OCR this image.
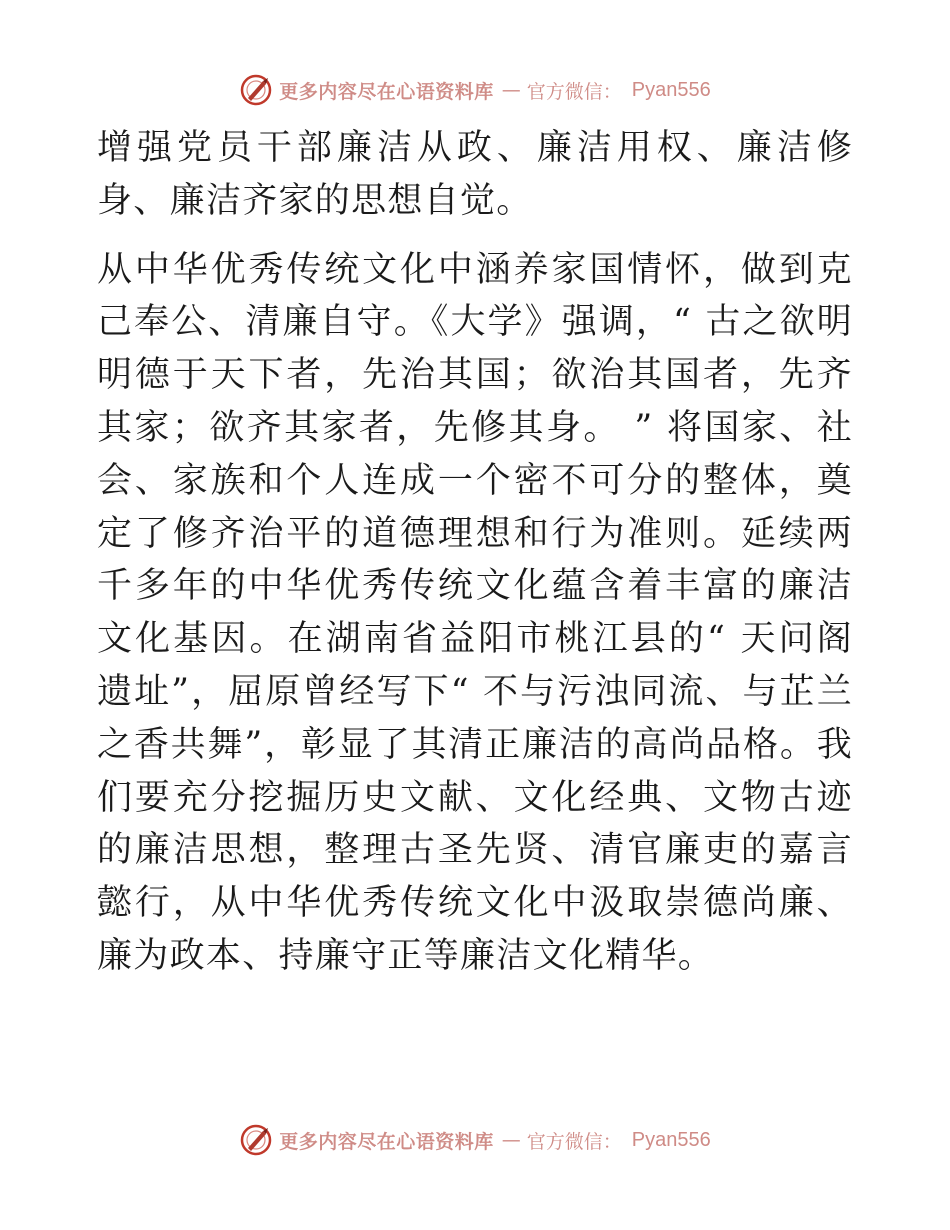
更多内容尽在心语资料库 — 官方微信： Pyan556

增强党员干部廉洁从政、廉洁用权、廉洁修身、廉洁齐家的思想自觉。

从中华优秀传统文化中涵养家国情怀，做到克己奉公、清廉自守。《大学》强调，“ 古之欲明明德于天下者，先治其国；欲治其国者，先齐其家；欲齐其家者，先修其身。 ” 将国家、社会、家族和个人连成一个密不可分的整体，奠定了修齐治平的道德理想和行为准则。延续两千多年的中华优秀传统文化蕴含着丰富的廉洁文化基因。在湖南省益阳市桃江县的“ 天问阁遗址”，屈原曾经写下“ 不与污浊同流、与芷兰之香共舞”，彰显了其清正廉洁的高尚品格。我们要充分挖掘历史文献、文化经典、文物古迹的廉洁思想，整理古圣先贤、清官廉吏的嘉言懿行，从中华优秀传统文化中汲取崇德尚廉、廉为政本、持廉守正等廉洁文化精华。

更多内容尽在心语资料库 — 官方微信： Pyan556
